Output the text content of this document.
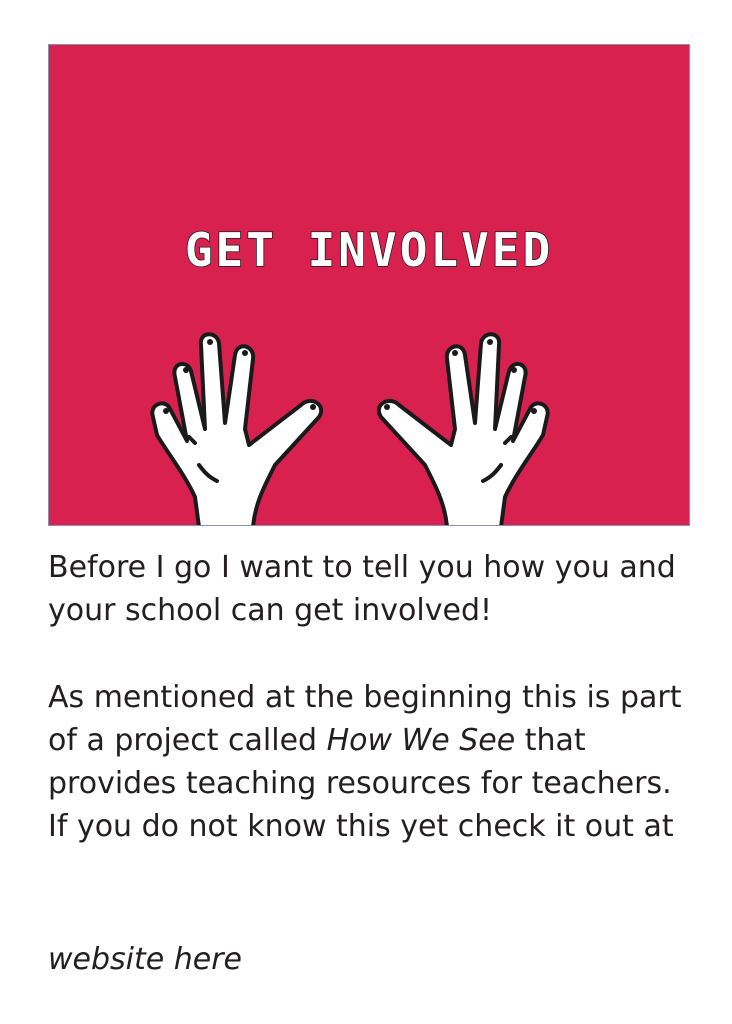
GET INVOLVED

Before I go I want to tell you how you and your school can get involved!

As mentioned at the beginning this is part of a project called How We See that provides teaching resources for teachers. If you do not know this yet check it out at

website here
